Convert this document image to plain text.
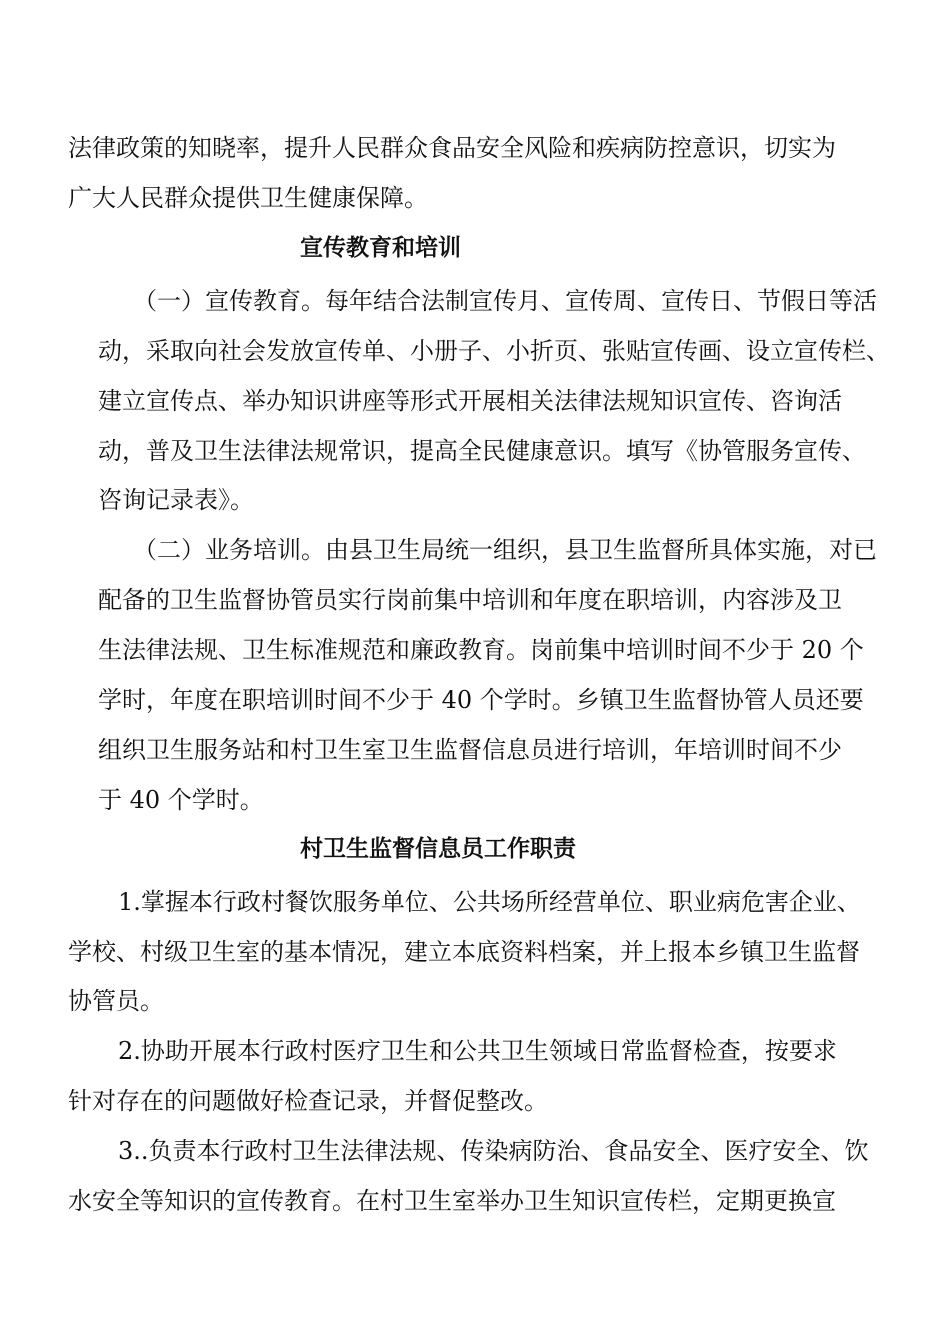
法律政策的知晓率，提升人民群众食品安全风险和疾病防控意识，切实为
广大人民群众提供卫生健康保障。
宣传教育和培训
（一）宣传教育。每年结合法制宣传月、宣传周、宣传日、节假日等活
动，采取向社会发放宣传单、小册子、小折页、张贴宣传画、设立宣传栏、
建立宣传点、举办知识讲座等形式开展相关法律法规知识宣传、咨询活
动，普及卫生法律法规常识，提高全民健康意识。填写《协管服务宣传、
咨询记录表》。
（二）业务培训。由县卫生局统一组织，县卫生监督所具体实施，对已
配备的卫生监督协管员实行岗前集中培训和年度在职培训，内容涉及卫
生法律法规、卫生标准规范和廉政教育。岗前集中培训时间不少于 20 个
学时，年度在职培训时间不少于 40 个学时。乡镇卫生监督协管人员还要
组织卫生服务站和村卫生室卫生监督信息员进行培训，年培训时间不少
于 40 个学时。
村卫生监督信息员工作职责
1.掌握本行政村餐饮服务单位、公共场所经营单位、职业病危害企业、
学校、村级卫生室的基本情况，建立本底资料档案，并上报本乡镇卫生监督
协管员。
2.协助开展本行政村医疗卫生和公共卫生领域日常监督检查，按要求
针对存在的问题做好检查记录，并督促整改。
3..负责本行政村卫生法律法规、传染病防治、食品安全、医疗安全、饮
水安全等知识的宣传教育。在村卫生室举办卫生知识宣传栏，定期更换宣
